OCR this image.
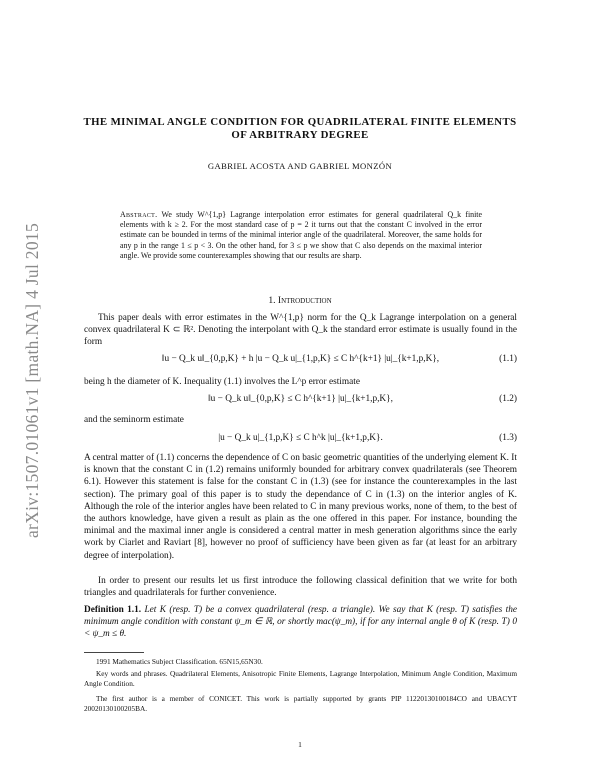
arXiv:1507.01061v1 [math.NA] 4 Jul 2015
THE MINIMAL ANGLE CONDITION FOR QUADRILATERAL FINITE ELEMENTS OF ARBITRARY DEGREE
GABRIEL ACOSTA AND GABRIEL MONZÓN
Abstract. We study W^{1,p} Lagrange interpolation error estimates for general quadrilateral Q_k finite elements with k ≥ 2. For the most standard case of p = 2 it turns out that the constant C involved in the error estimate can be bounded in terms of the minimal interior angle of the quadrilateral. Moreover, the same holds for any p in the range 1 ≤ p < 3. On the other hand, for 3 ≤ p we show that C also depends on the maximal interior angle. We provide some counterexamples showing that our results are sharp.
1. Introduction
This paper deals with error estimates in the W^{1,p} norm for the Q_k Lagrange interpolation on a general convex quadrilateral K ⊂ ℝ². Denoting the interpolant with Q_k the standard error estimate is usually found in the form
‖u − Q_k u‖_{0,p,K} + h |u − Q_k u|_{1,p,K} ≤ C h^{k+1} |u|_{k+1,p,K},	(1.1)
being h the diameter of K. Inequality (1.1) involves the L^p error estimate
‖u − Q_k u‖_{0,p,K} ≤ C h^{k+1} |u|_{k+1,p,K},	(1.2)
and the seminorm estimate
|u − Q_k u|_{1,p,K} ≤ C h^k |u|_{k+1,p,K}.	(1.3)
A central matter of (1.1) concerns the dependence of C on basic geometric quantities of the underlying element K. It is known that the constant C in (1.2) remains uniformly bounded for arbitrary convex quadrilaterals (see Theorem 6.1). However this statement is false for the constant C in (1.3) (see for instance the counterexamples in the last section). The primary goal of this paper is to study the dependance of C in (1.3) on the interior angles of K. Although the role of the interior angles have been related to C in many previous works, none of them, to the best of the authors knowledge, have given a result as plain as the one offered in this paper. For instance, bounding the minimal and the maximal inner angle is considered a central matter in mesh generation algorithms since the early work by Ciarlet and Raviart [8], however no proof of sufficiency have been given as far (at least for an arbitrary degree of interpolation).
In order to present our results let us first introduce the following classical definition that we write for both triangles and quadrilaterals for further convenience.
Definition 1.1. Let K (resp. T) be a convex quadrilateral (resp. a triangle). We say that K (resp. T) satisfies the minimum angle condition with constant ψ_m ∈ ℝ, or shortly mac(ψ_m), if for any internal angle θ of K (resp. T) 0 < ψ_m ≤ θ.
1991 Mathematics Subject Classification. 65N15,65N30.
Key words and phrases. Quadrilateral Elements, Anisotropic Finite Elements, Lagrange Interpolation, Minimum Angle Condition, Maximum Angle Condition.
The first author is a member of CONICET. This work is partially supported by grants PIP 11220130100184CO and UBACYT 20020130100205BA.
1
